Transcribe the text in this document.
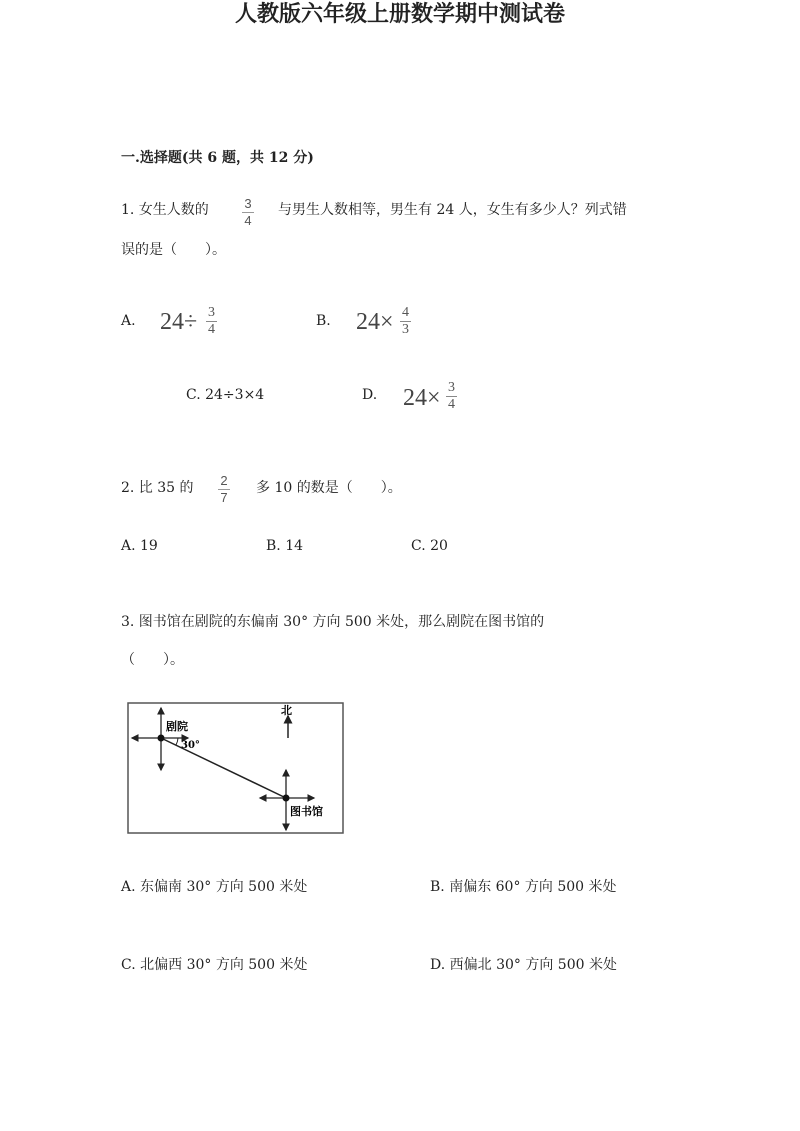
人教版六年级上册数学期中测试卷
一.选择题(共 6 题，共 12 分)
1. 女生人数的	3
4
与男生人数相等，男生有 24 人，女生有多少人？列式错
误的是（　　）。
A. 24÷ 3
4
B. 24× 4
3
C. 24÷3×4	D. 24× 3
4
2. 比 35 的 2
7
多 10 的数是（　　）。
A. 19	B. 14	C. 20
3. 图书馆在剧院的东偏南 30° 方向 500 米处，那么剧院在图书馆的
（　　）。
剧院
30°
北
图书馆
A. 东偏南 30° 方向 500 米处	B. 南偏东 60° 方向 500 米处
C. 北偏西 30° 方向 500 米处	D. 西偏北 30° 方向 500 米处
